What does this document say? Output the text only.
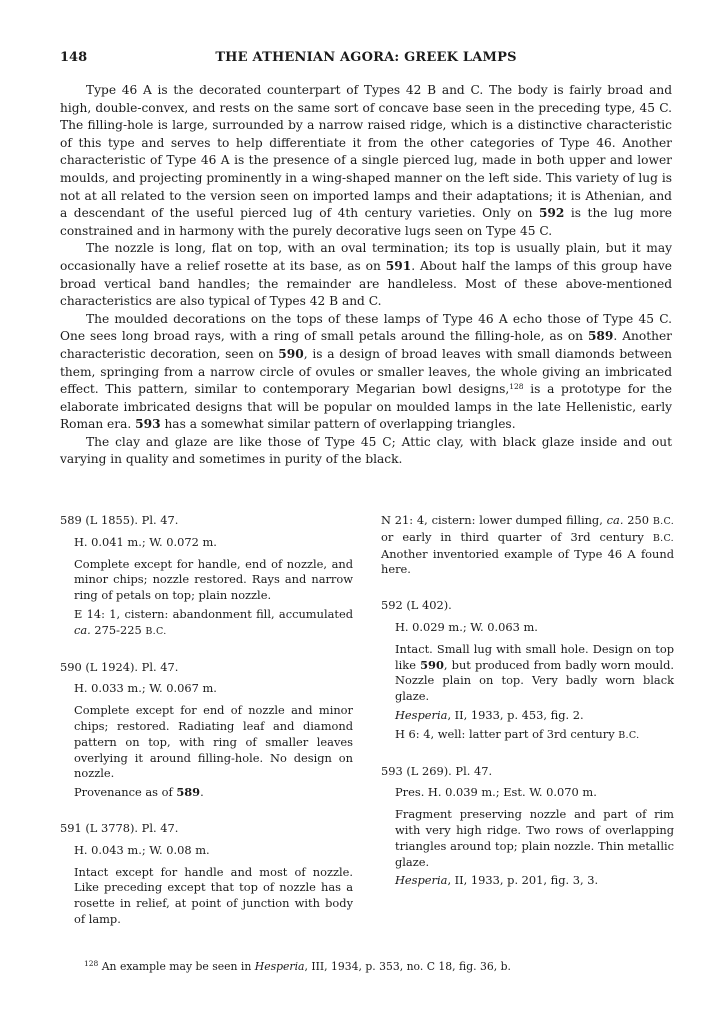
148	THE ATHENIAN AGORA: GREEK LAMPS

Type 46 A is the decorated counterpart of Types 42 B and C. The body is fairly broad and high, double-convex, and rests on the same sort of concave base seen in the preceding type, 45 C. The filling-hole is large, surrounded by a narrow raised ridge, which is a distinctive characteristic of this type and serves to help differentiate it from the other categories of Type 46. Another characteristic of Type 46 A is the presence of a single pierced lug, made in both upper and lower moulds, and projecting prominently in a wing-shaped manner on the left side. This variety of lug is not at all related to the version seen on imported lamps and their adaptations; it is Athenian, and a descendant of the useful pierced lug of 4th century varieties. Only on 592 is the lug more constrained and in harmony with the purely decorative lugs seen on Type 45 C.

The nozzle is long, flat on top, with an oval termination; its top is usually plain, but it may occasionally have a relief rosette at its base, as on 591. About half the lamps of this group have broad vertical band handles; the remainder are handleless. Most of these above-mentioned characteristics are also typical of Types 42 B and C.

The moulded decorations on the tops of these lamps of Type 46 A echo those of Type 45 C. One sees long broad rays, with a ring of small petals around the filling-hole, as on 589. Another characteristic decoration, seen on 590, is a design of broad leaves with small diamonds between them, springing from a narrow circle of ovules or smaller leaves, the whole giving an imbricated effect. This pattern, similar to contemporary Megarian bowl designs,$^{128}$ is a prototype for the elaborate imbricated designs that will be popular on moulded lamps in the late Hellenistic, early Roman era. 593 has a somewhat similar pattern of overlapping triangles.

The clay and glaze are like those of Type 45 C; Attic clay, with black glaze inside and out varying in quality and sometimes in purity of the black.

589 (L 1855). Pl. 47.

H. 0.041 m.; W. 0.072 m.

Complete except for handle, end of nozzle, and minor chips; nozzle restored. Rays and narrow ring of petals on top; plain nozzle.

E 14: 1, cistern: abandonment fill, accumulated ca. 275-225 B.C.

590 (L 1924). Pl. 47.

H. 0.033 m.; W. 0.067 m.

Complete except for end of nozzle and minor chips; restored. Radiating leaf and diamond pattern on top, with ring of smaller leaves overlying it around filling-hole. No design on nozzle.

Provenance as of 589.

591 (L 3778). Pl. 47.

H. 0.043 m.; W. 0.08 m.

Intact except for handle and most of nozzle. Like preceding except that top of nozzle has a rosette in relief, at point of junction with body of lamp.

N 21: 4, cistern: lower dumped filling, ca. 250 B.C. or early in third quarter of 3rd century B.C. Another inventoried example of Type 46 A found here.

592 (L 402).

H. 0.029 m.; W. 0.063 m.

Intact. Small lug with small hole. Design on top like 590, but produced from badly worn mould. Nozzle plain on top. Very badly worn black glaze.

Hesperia, II, 1933, p. 453, fig. 2.

H 6: 4, well: latter part of 3rd century B.C.

593 (L 269). Pl. 47.

Pres. H. 0.039 m.; Est. W. 0.070 m.

Fragment preserving nozzle and part of rim with very high ridge. Two rows of overlapping triangles around top; plain nozzle. Thin metallic glaze.

Hesperia, II, 1933, p. 201, fig. 3, 3.

$^{128}$ An example may be seen in Hesperia, III, 1934, p. 353, no. C 18, fig. 36, b.
